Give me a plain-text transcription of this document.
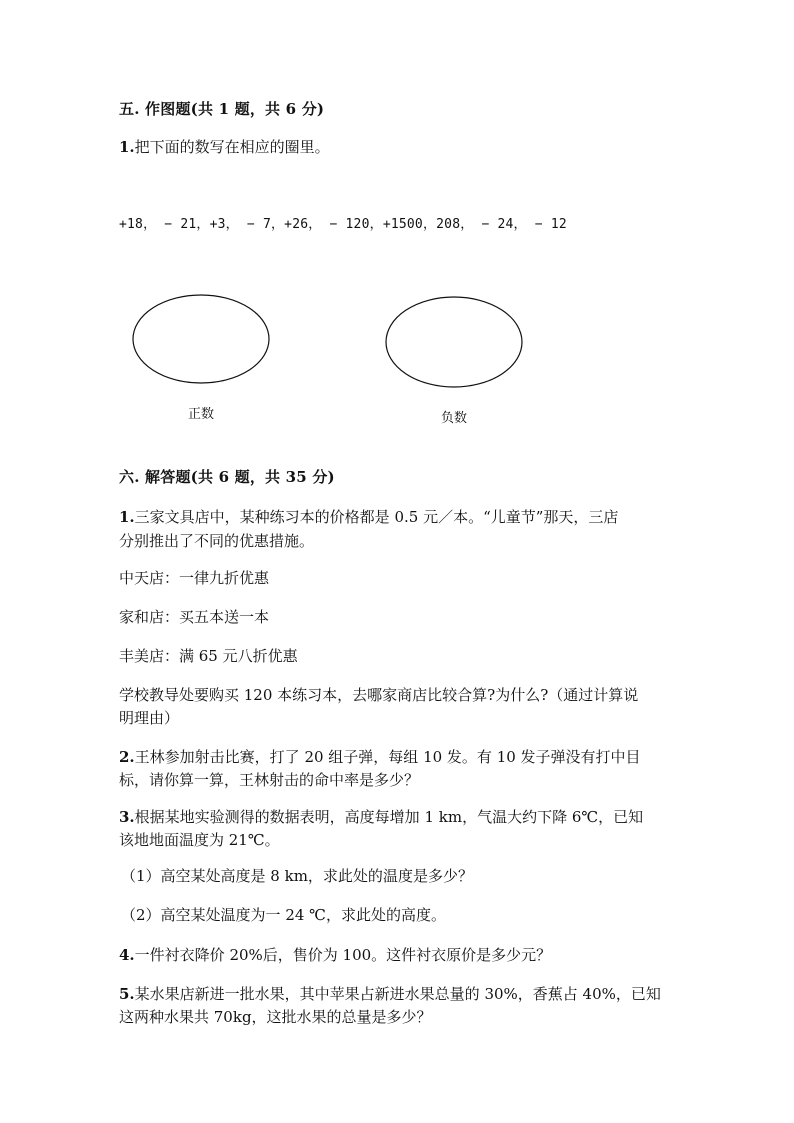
五. 作图题(共 1 题，共 6 分)
1.把下面的数写在相应的圈里。
+18， − 21，+3， − 7，+26， − 120，+1500，208， − 24， − 12
正数	负数
六. 解答题(共 6 题，共 35 分)
1.三家文具店中，某种练习本的价格都是 0.5 元／本。“儿童节”那天，三店
分别推出了不同的优惠措施。
中天店：一律九折优惠
家和店：买五本送一本
丰美店：满 65 元八折优惠
学校教导处要购买 120 本练习本，去哪家商店比较合算?为什么?（通过计算说
明理由）
2.王林参加射击比赛，打了 20 组子弹，每组 10 发。有 10 发子弹没有打中目
标，请你算一算，王林射击的命中率是多少？
3.根据某地实验测得的数据表明，高度每增加 1 km，气温大约下降 6℃，已知
该地地面温度为 21℃。
（1）高空某处高度是 8 km，求此处的温度是多少？
（2）高空某处温度为一 24 ℃，求此处的高度。
4.一件衬衣降价 20%后，售价为 100。这件衬衣原价是多少元？
5.某水果店新进一批水果，其中苹果占新进水果总量的 30%，香蕉占 40%，已知
这两种水果共 70kg，这批水果的总量是多少？
